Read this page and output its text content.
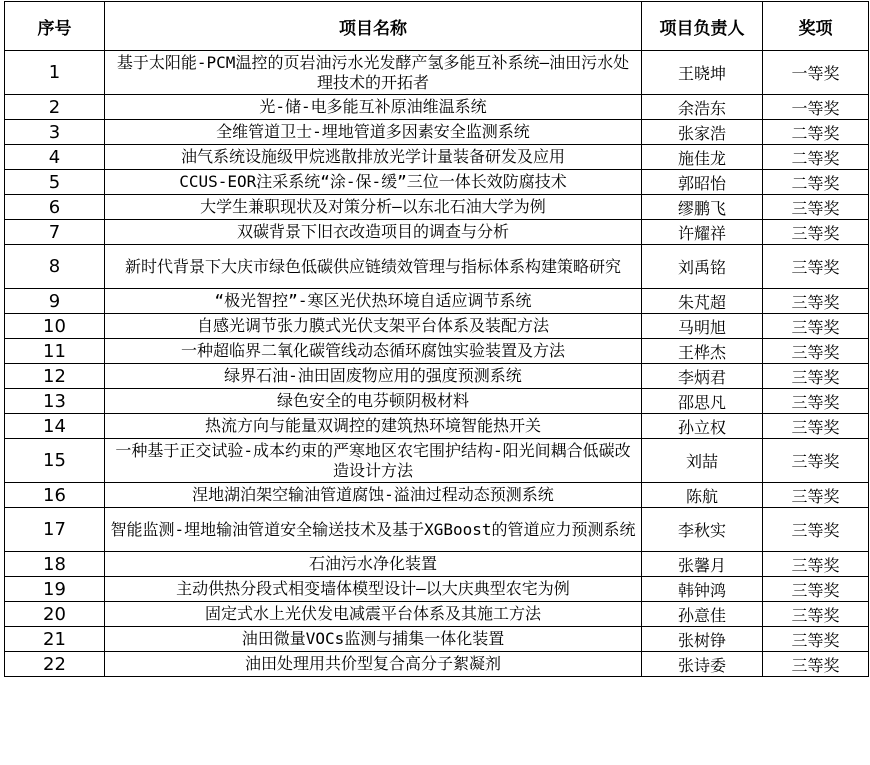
序号	项目名称	项目负责人	奖项
1	基于太阳能-PCM温控的页岩油污水光发酵产氢多能互补系统—油田污水处理技术的开拓者	王晓坤	一等奖
2	光-储-电多能互补原油维温系统	余浩东	一等奖
3	全维管道卫士-埋地管道多因素安全监测系统	张家浩	二等奖
4	油气系统设施级甲烷逃散排放光学计量装备研发及应用	施佳龙	二等奖
5	CCUS-EOR注采系统“涂-保-缓”三位一体长效防腐技术	郭昭怡	二等奖
6	大学生兼职现状及对策分析—以东北石油大学为例	缪鹏飞	三等奖
7	双碳背景下旧衣改造项目的调查与分析	许耀祥	三等奖
8	新时代背景下大庆市绿色低碳供应链绩效管理与指标体系构建策略研究	刘禹铭	三等奖
9	“极光智控”-寒区光伏热环境自适应调节系统	朱芃超	三等奖
10	自感光调节张力膜式光伏支架平台体系及装配方法	马明旭	三等奖
11	一种超临界二氧化碳管线动态循环腐蚀实验装置及方法	王桦杰	三等奖
12	绿界石油-油田固废物应用的强度预测系统	李炳君	三等奖
13	绿色安全的电芬顿阴极材料	邵思凡	三等奖
14	热流方向与能量双调控的建筑热环境智能热开关	孙立权	三等奖
15	一种基于正交试验-成本约束的严寒地区农宅围护结构-阳光间耦合低碳改造设计方法	刘喆	三等奖
16	涅地湖泊架空输油管道腐蚀-溢油过程动态预测系统	陈航	三等奖
17	智能监测-埋地输油管道安全输送技术及基于XGBoost的管道应力预测系统	李秋实	三等奖
18	石油污水净化装置	张馨月	三等奖
19	主动供热分段式相变墙体模型设计—以大庆典型农宅为例	韩钟鸿	三等奖
20	固定式水上光伏发电减震平台体系及其施工方法	孙意佳	三等奖
21	油田微量VOCs监测与捕集一体化装置	张树铮	三等奖
22	油田处理用共价型复合高分子絮凝剂	张诗委	三等奖
